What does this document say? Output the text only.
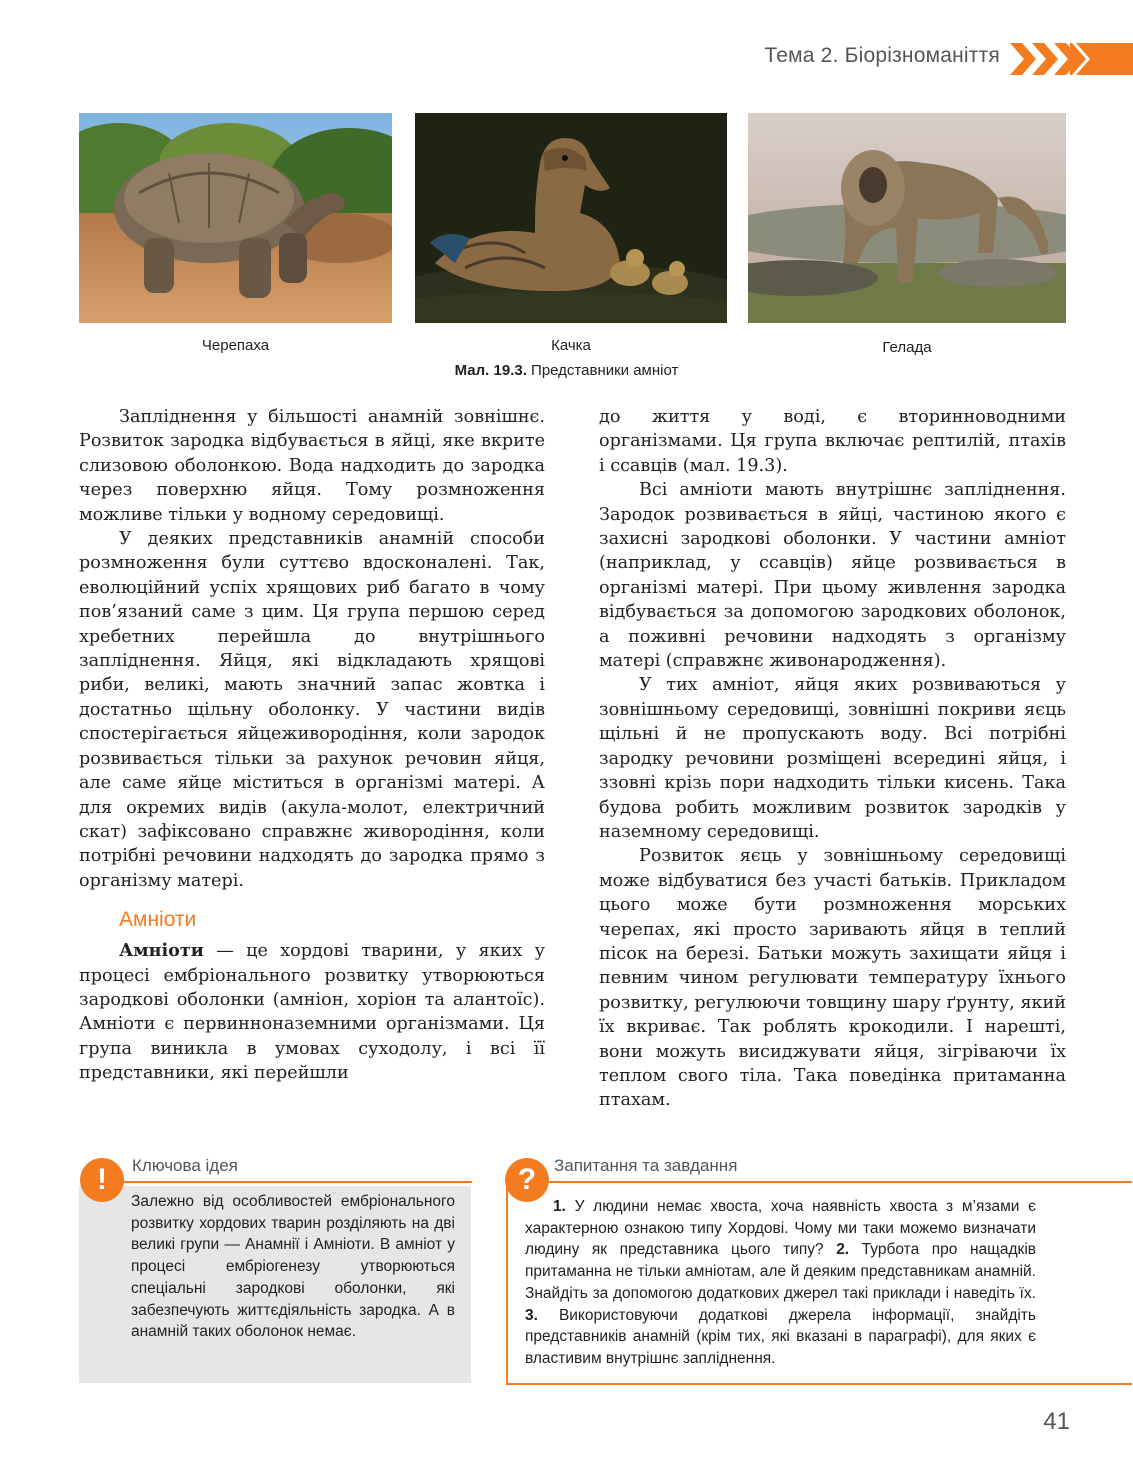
Тема 2. Біорізноманіття
Черепаха	Качка	Гелада
Мал. 19.3. Представники амніот

Запліднення у більшості анамній зовнішнє. Розвиток зародка відбувається в яйці, яке вкрите слизовою оболонкою. Вода надходить до зародка через поверхню яйця. Тому розмноження можливе тільки у водному середовищі.

У деяких представників анамній способи розмноження були суттєво вдосконалені. Так, еволюційний успіх хрящових риб багато в чому пов’язаний саме з цим. Ця група першою серед хребетних перейшла до внутрішнього запліднення. Яйця, які відкладають хрящові риби, великі, мають значний запас жовтка і достатньо щільну оболонку. У частини видів спостерігається яйцеживородіння, коли зародок розвивається тільки за рахунок речовин яйця, але саме яйце міститься в організмі матері. А для окремих видів (акула-молот, електричний скат) зафіксовано справжнє живородіння, коли потрібні речовини надходять до зародка прямо з організму матері.

Амніоти

Амніоти — це хордові тварини, у яких у процесі ембріонального розвитку утворюються зародкові оболонки (амніон, хоріон та алантоїс). Амніоти є первинноназемними організмами. Ця група виникла в умовах суходолу, і всі її представники, які перейшли

до життя у воді, є вторинноводними організмами. Ця група включає рептилій, птахів і ссавців (мал. 19.3).

Всі амніоти мають внутрішнє запліднення. Зародок розвивається в яйці, частиною якого є захисні зародкові оболонки. У частини амніот (наприклад, у ссавців) яйце розвивається в організмі матері. При цьому живлення зародка відбувається за допомогою зародкових оболонок, а поживні речовини надходять з організму матері (справжнє живонародження).

У тих амніот, яйця яких розвиваються у зовнішньому середовищі, зовнішні покриви яєць щільні й не пропускають воду. Всі потрібні зародку речовини розміщені всередині яйця, і ззовні крізь пори надходить тільки кисень. Така будова робить можливим розвиток зародків у наземному середовищі.

Розвиток яєць у зовнішньому середовищі може відбуватися без участі батьків. Прикладом цього може бути розмноження морських черепах, які просто заривають яйця в теплий пісок на березі. Батьки можуть захищати яйця і певним чином регулювати температуру їхнього розвитку, регулюючи товщину шару ґрунту, який їх вкриває. Так роблять крокодили. І нарешті, вони можуть висиджувати яйця, зігріваючи їх теплом свого тіла. Така поведінка притаманна птахам.

!	Ключова ідея
Залежно від особливостей ембріонального розвитку хордових тварин розділяють на дві великі групи — Анамнії і Амніоти. В амніот у процесі ембріогенезу утворюються спеціальні зародкові оболонки, які забезпечують життєдіяльність зародка. А в анамній таких оболонок немає.
?	Запитання та завдання
1. У людини немає хвоста, хоча наявність хвоста з м’язами є характерною ознакою типу Хордові. Чому ми таки можемо визначати людину як представника цього типу? 2. Турбота про нащадків притаманна не тільки амніотам, але й деяким представникам анамній. Знайдіть за допомогою додаткових джерел такі приклади і наведіть їх. 3. Використовуючи додаткові джерела інформації, знайдіть представників анамній (крім тих, які вказані в параграфі), для яких є властивим внутрішнє запліднення.
41
